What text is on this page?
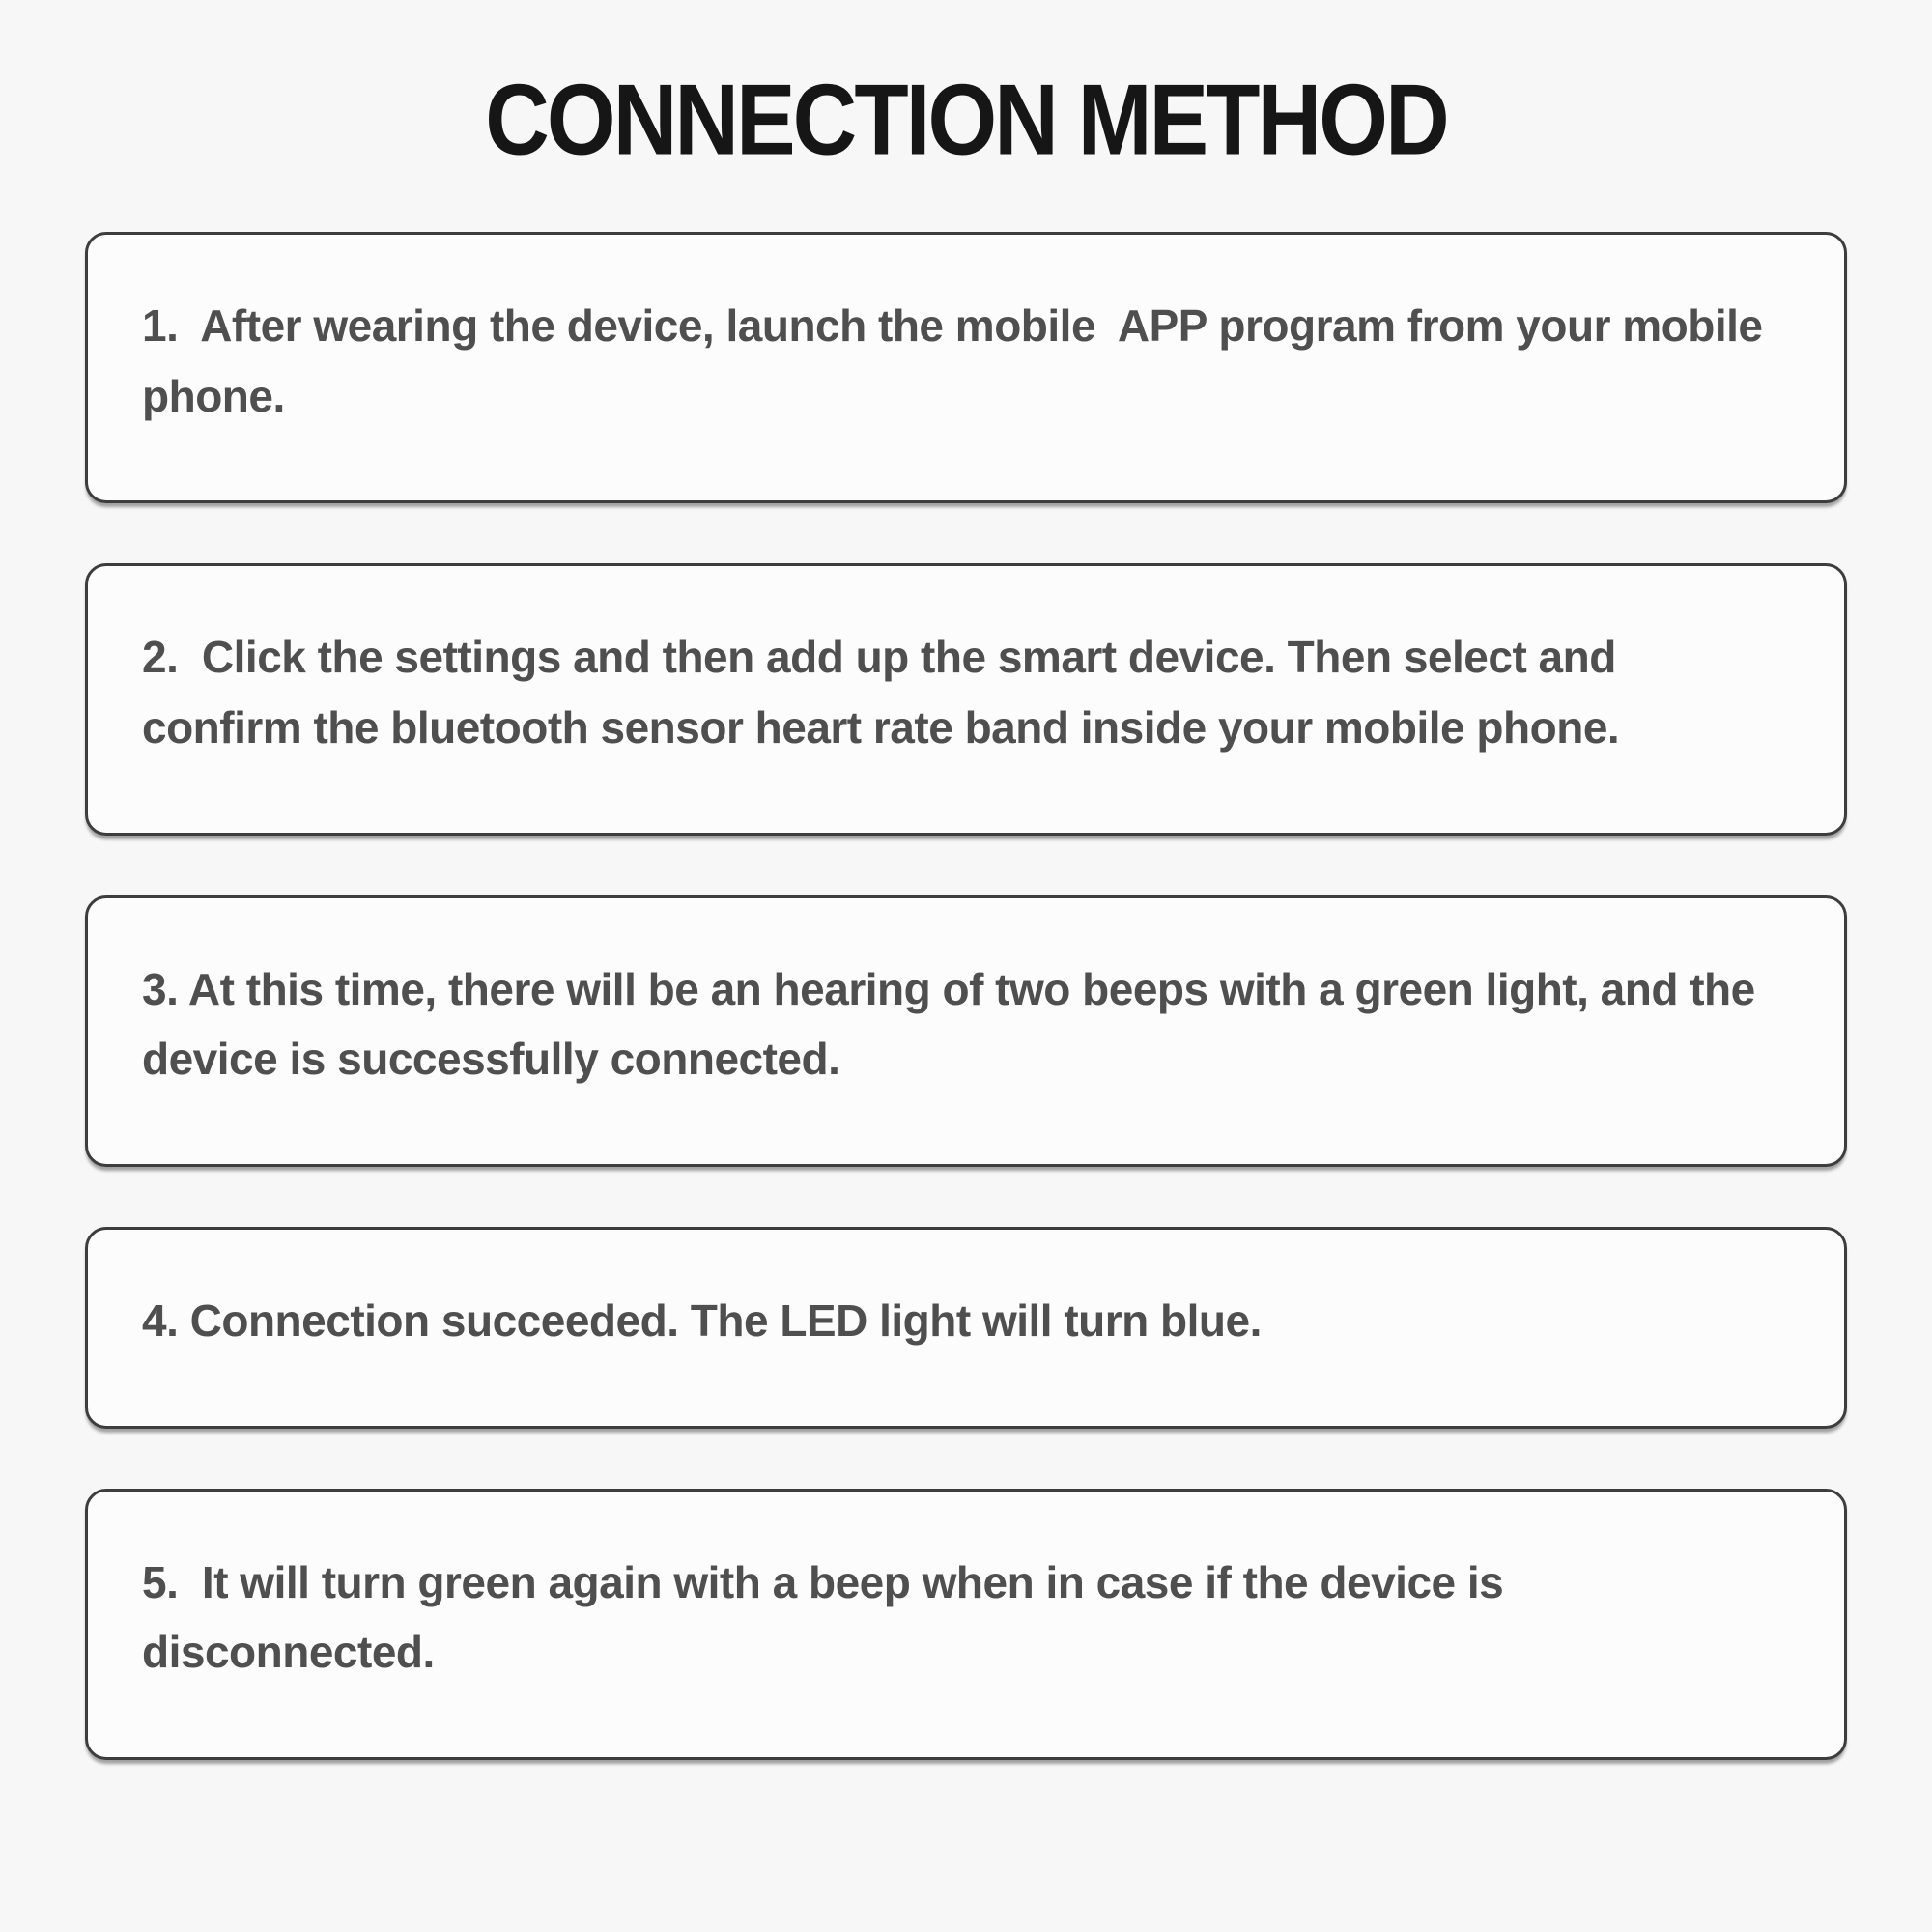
CONNECTION METHOD

1.  After wearing the device, launch the mobile  APP program from your mobile phone.

2.  Click the settings and then add up the smart device. Then select and confirm the bluetooth sensor heart rate band inside your mobile phone.

3. At this time, there will be an hearing of two beeps with a green light, and the device is successfully connected.

4. Connection succeeded. The LED light will turn blue.

5.  It will turn green again with a beep when in case if the device is disconnected.
